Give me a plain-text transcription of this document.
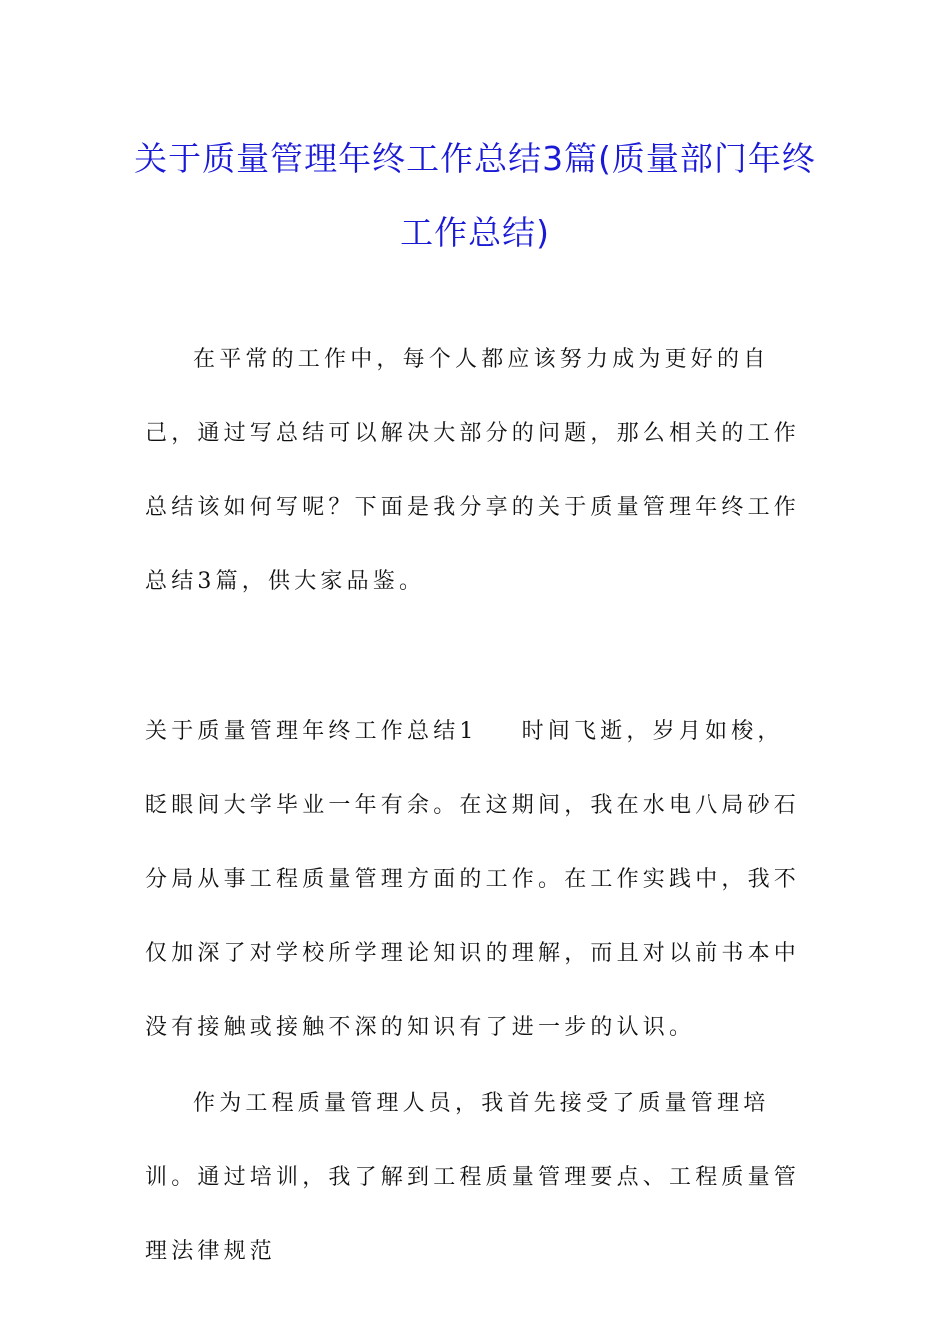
关于质量管理年终工作总结3篇(质量部门年终工作总结)

在平常的工作中，每个人都应该努力成为更好的自己，通过写总结可以解决大部分的问题，那么相关的工作总结该如何写呢？下面是我分享的关于质量管理年终工作总结3篇，供大家品鉴。

关于质量管理年终工作总结1 时间飞逝，岁月如梭，眨眼间大学毕业一年有余。在这期间，我在水电八局砂石分局从事工程质量管理方面的工作。在工作实践中，我不仅加深了对学校所学理论知识的理解，而且对以前书本中没有接触或接触不深的知识有了进一步的认识。

作为工程质量管理人员，我首先接受了质量管理培训。通过培训，我了解到工程质量管理要点、工程质量管理法律规范
